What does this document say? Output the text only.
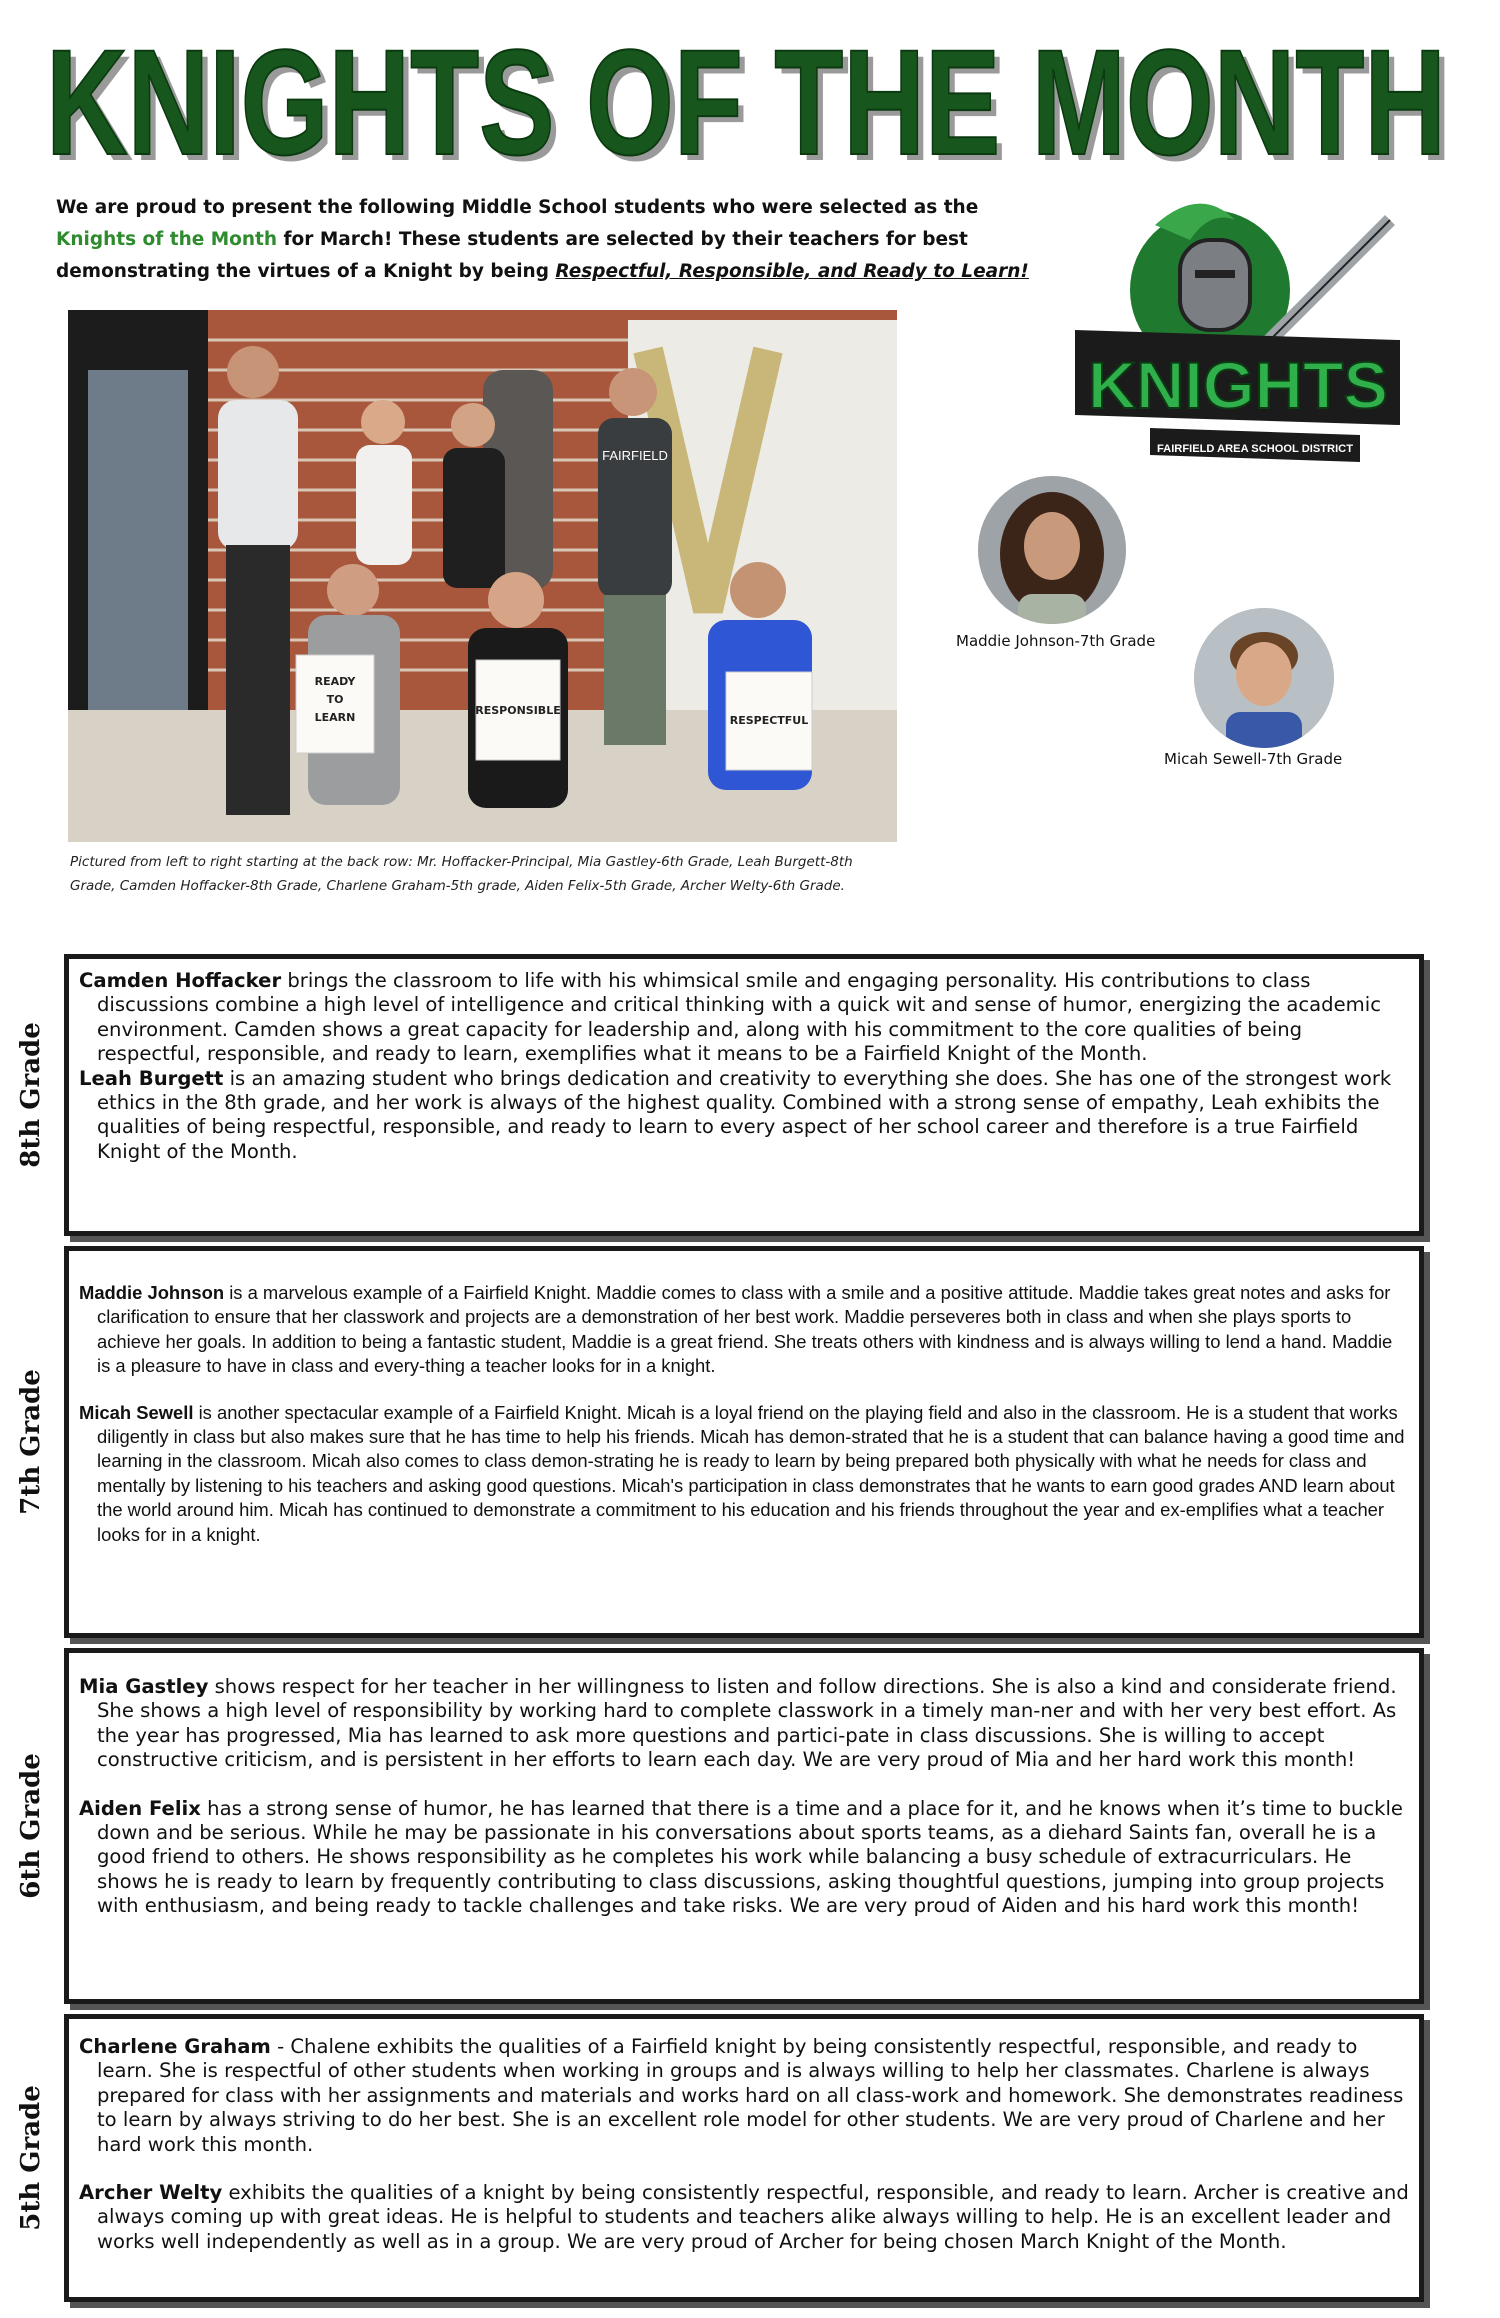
KNIGHTS OF THE MONTH
KNIGHTS OF THE MONTH
We are proud to present the following Middle School students who were selected as the Knights of the Month for March! These students are selected by their teachers for best demonstrating the virtues of a Knight by being Respectful, Responsible, and Ready to Learn!
FAIRFIELD
READY
TO
LEARN
RESPONSIBLE
RESPECTFUL
Pictured from left to right starting at the back row: Mr. Hoffacker-Principal, Mia Gastley-6th Grade, Leah Burgett-8th Grade, Camden Hoffacker-8th Grade, Charlene Graham-5th grade, Aiden Felix-5th Grade, Archer Welty-6th Grade.
KNIGHTS
FAIRFIELD AREA SCHOOL DISTRICT
Maddie Johnson-7th Grade
Micah Sewell-7th Grade
8th Grade

Camden Hoffacker brings the classroom to life with his whimsical smile and engaging personality. His contributions to class discussions combine a high level of intelligence and critical thinking with a quick wit and sense of humor, energizing the academic environment. Camden shows a great capacity for leadership and, along with his commitment to the core qualities of being respectful, responsible, and ready to learn, exemplifies what it means to be a Fairfield Knight of the Month.

Leah Burgett is an amazing student who brings dedication and creativity to everything she does. She has one of the strongest work ethics in the 8th grade, and her work is always of the highest quality. Combined with a strong sense of empathy, Leah exhibits the qualities of being respectful, responsible, and ready to learn to every aspect of her school career and therefore is a true Fairfield Knight of the Month.

7th Grade

Maddie Johnson is a marvelous example of a Fairfield Knight. Maddie comes to class with a smile and a positive attitude. Maddie takes great notes and asks for clarification to ensure that her classwork and projects are a demonstration of her best work. Maddie perseveres both in class and when she plays sports to achieve her goals. In addition to being a fantastic student, Maddie is a great friend. She treats others with kindness and is always willing to lend a hand. Maddie is a pleasure to have in class and every-thing a teacher looks for in a knight.

Micah Sewell is another spectacular example of a Fairfield Knight. Micah is a loyal friend on the playing field and also in the classroom. He is a student that works diligently in class but also makes sure that he has time to help his friends. Micah has demon-strated that he is a student that can balance having a good time and learning in the classroom. Micah also comes to class demon-strating he is ready to learn by being prepared both physically with what he needs for class and mentally by listening to his teachers and asking good questions. Micah's participation in class demonstrates that he wants to earn good grades AND learn about the world around him. Micah has continued to demonstrate a commitment to his education and his friends throughout the year and ex-emplifies what a teacher looks for in a knight.

6th Grade

Mia Gastley shows respect for her teacher in her willingness to listen and follow directions. She is also a kind and considerate friend. She shows a high level of responsibility by working hard to complete classwork in a timely man-ner and with her very best effort. As the year has progressed, Mia has learned to ask more questions and partici-pate in class discussions. She is willing to accept constructive criticism, and is persistent in her efforts to learn each day. We are very proud of Mia and her hard work this month!

Aiden Felix has a strong sense of humor, he has learned that there is a time and a place for it, and he knows when it’s time to buckle down and be serious. While he may be passionate in his conversations about sports teams, as a diehard Saints fan, overall he is a good friend to others. He shows responsibility as he completes his work while balancing a busy schedule of extracurriculars. He shows he is ready to learn by frequently contributing to class discussions, asking thoughtful questions, jumping into group projects with enthusiasm, and being ready to tackle challenges and take risks. We are very proud of Aiden and his hard work this month!

5th Grade

Charlene Graham - Chalene exhibits the qualities of a Fairfield knight by being consistently respectful, responsible, and ready to learn. She is respectful of other students when working in groups and is always willing to help her classmates. Charlene is always prepared for class with her assignments and materials and works hard on all class-work and homework. She demonstrates readiness to learn by always striving to do her best. She is an excellent role model for other students. We are very proud of Charlene and her hard work this month.

Archer Welty exhibits the qualities of a knight by being consistently respectful, responsible, and ready to learn. Archer is creative and always coming up with great ideas. He is helpful to students and teachers alike always willing to help. He is an excellent leader and works well independently as well as in a group. We are very proud of Archer for being chosen March Knight of the Month.
